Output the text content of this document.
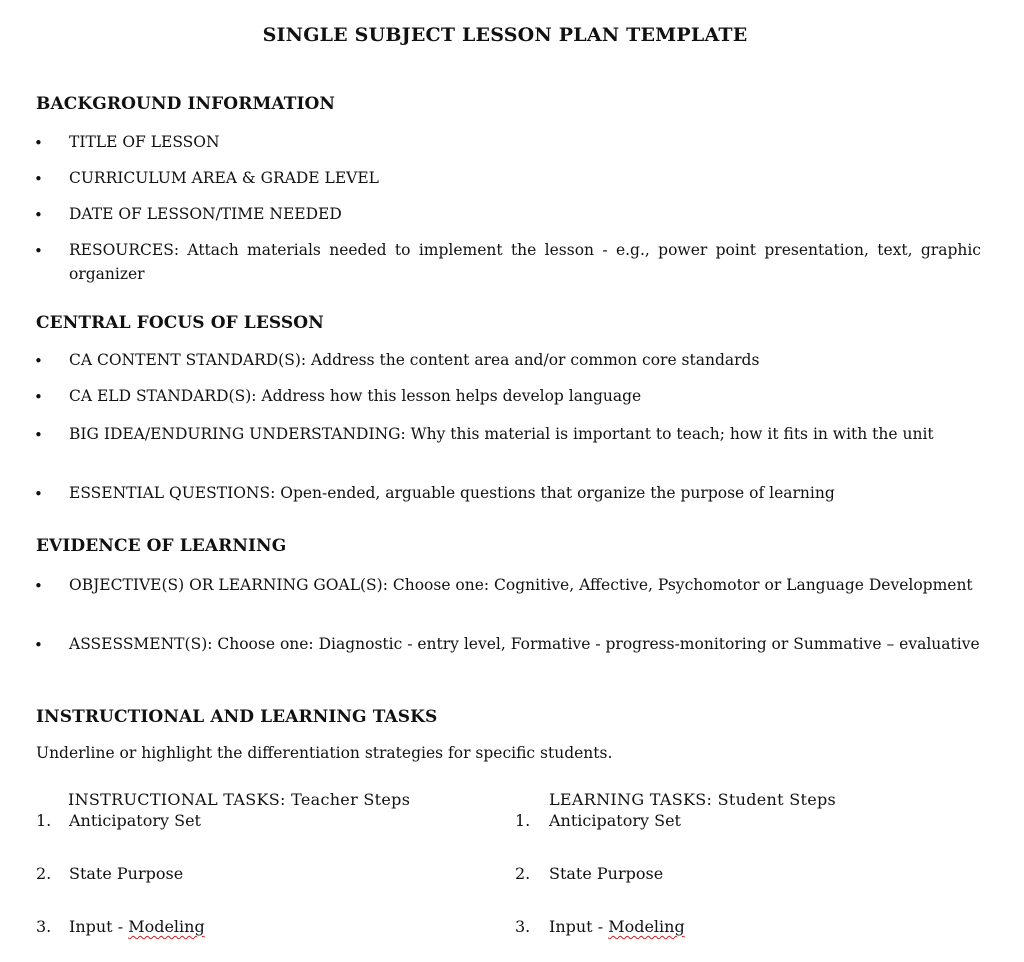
SINGLE SUBJECT LESSON PLAN TEMPLATE
BACKGROUND INFORMATION
• TITLE OF LESSON
• CURRICULUM AREA & GRADE LEVEL
• DATE OF LESSON/TIME NEEDED
• RESOURCES: Attach materials needed to implement the lesson - e.g., power point presentation, text, graphic organizer
CENTRAL FOCUS OF LESSON
• CA CONTENT STANDARD(S): Address the content area and/or common core standards
• CA ELD STANDARD(S): Address how this lesson helps develop language
• BIG IDEA/ENDURING UNDERSTANDING: Why this material is important to teach; how it fits in with the unit
• ESSENTIAL QUESTIONS: Open-ended, arguable questions that organize the purpose of learning
EVIDENCE OF LEARNING
• OBJECTIVE(S) OR LEARNING GOAL(S): Choose one: Cognitive, Affective, Psychomotor or Language Development
• ASSESSMENT(S): Choose one: Diagnostic - entry level, Formative - progress-monitoring or Summative – evaluative
INSTRUCTIONAL AND LEARNING TASKS
Underline or highlight the differentiation strategies for specific students.
INSTRUCTIONAL TASKS: Teacher Steps
1. Anticipatory Set
2. State Purpose
3. Input - Modeling
LEARNING TASKS: Student Steps
1. Anticipatory Set
2. State Purpose
3. Input - Modeling
